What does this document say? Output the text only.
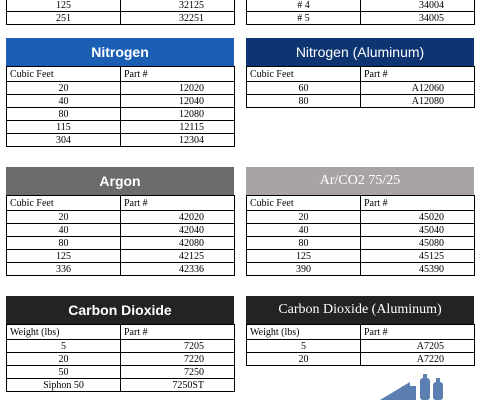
125	32125
251	32251
# 4	34004
# 5	34005
Nitrogen
Cubic Feet	Part #
20	12020
40	12040
80	12080
115	12115
304	12304
Nitrogen (Aluminum)
Cubic Feet	Part #
60	A12060
80	A12080
Argon
Cubic Feet	Part #
20	42020
40	42040
80	42080
125	42125
336	42336
Ar/CO2 75/25
Cubic Feet	Part #
20	45020
40	45040
80	45080
125	45125
390	45390
Carbon Dioxide
Weight (lbs)	Part #
5	7205
20	7220
50	7250
Siphon 50	7250ST
Carbon Dioxide (Aluminum)
Weight (lbs)	Part #
5	A7205
20	A7220
